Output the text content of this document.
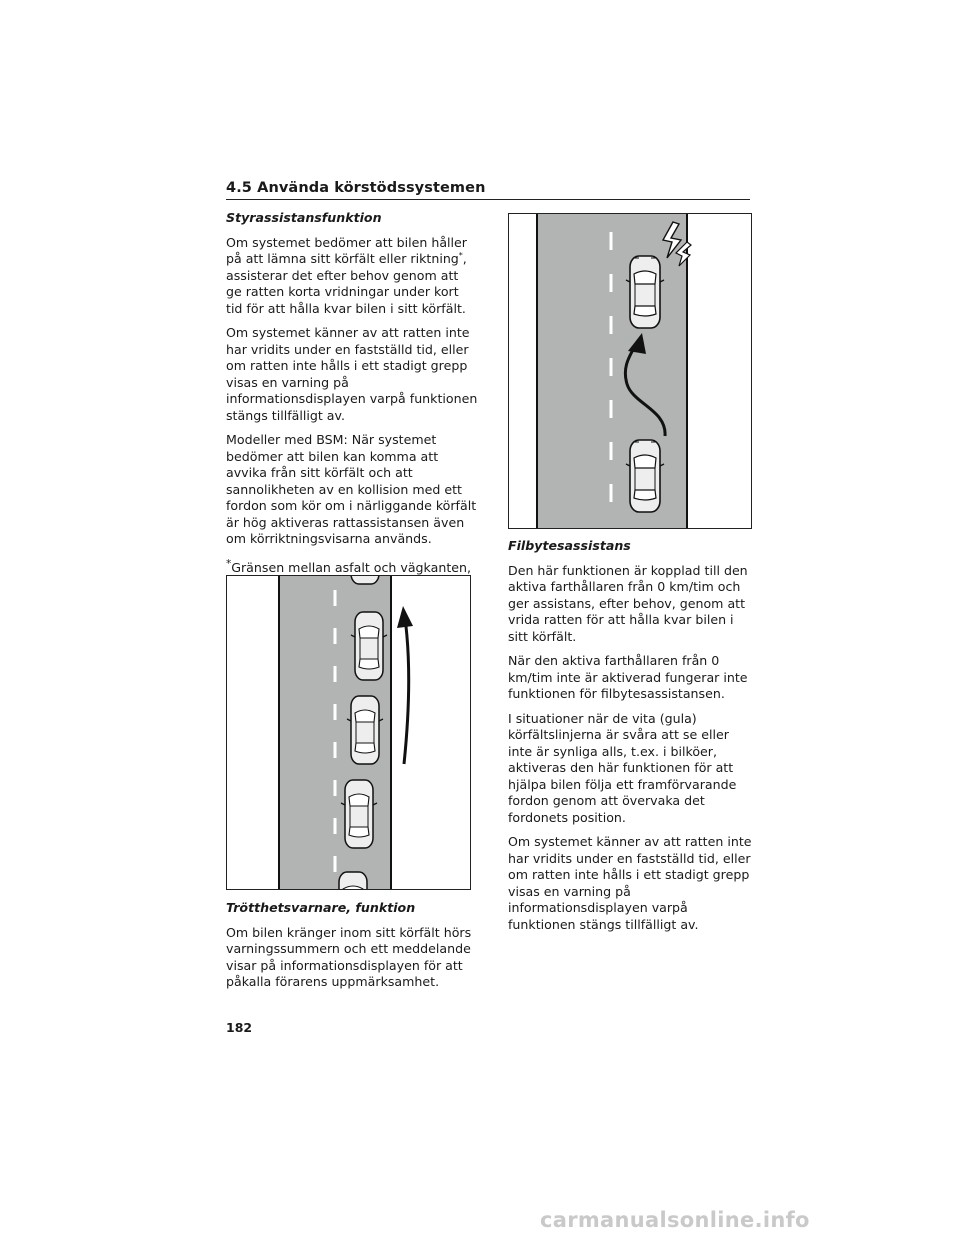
4.5 Använda körstödssystemen

Styrassistansfunktion

Om systemet bedömer att bilen håller på att lämna sitt körfält eller riktning*, assisterar det efter behov genom att ge ratten korta vridningar under kort tid för att hålla kvar bilen i sitt körfält.

Om systemet känner av att ratten inte har vridits under en fastställd tid, eller om ratten inte hålls i ett stadigt grepp visas en varning på informationsdisplayen varpå funktionen stängs tillfälligt av.

Modeller med BSM: När systemet bedömer att bilen kan komma att avvika från sitt körfält och att sannolikheten av en kollision med ett fordon som kör om i närliggande körfält är hög aktiveras rattassistansen även om körriktningsvisarna används.

*Gränsen mellan asfalt och vägkanten,

Filbytesassistans

Den här funktionen är kopplad till den aktiva farthållaren från 0 km/tim och ger assistans, efter behov, genom att vrida ratten för att hålla kvar bilen i sitt körfält.

När den aktiva farthållaren från 0 km/tim inte är aktiverad fungerar inte funktionen för filbytesassistansen.

I situationer när de vita (gula) körfältslinjerna är svåra att se eller inte är synliga alls, t.ex. i bilköer, aktiveras den här funktionen för att hjälpa bilen följa ett framförvarande fordon genom att övervaka det fordonets position.

Om systemet känner av att ratten inte har vridits under en fastställd tid, eller om ratten inte hålls i ett stadigt grepp visas en varning på informationsdisplayen varpå funktionen stängs tillfälligt av.

Trötthetsvarnare, funktion

Om bilen kränger inom sitt körfält hörs varningssummern och ett meddelande visar på informationsdisplayen för att påkalla förarens uppmärksamhet.

182
carmanualsonline.info
